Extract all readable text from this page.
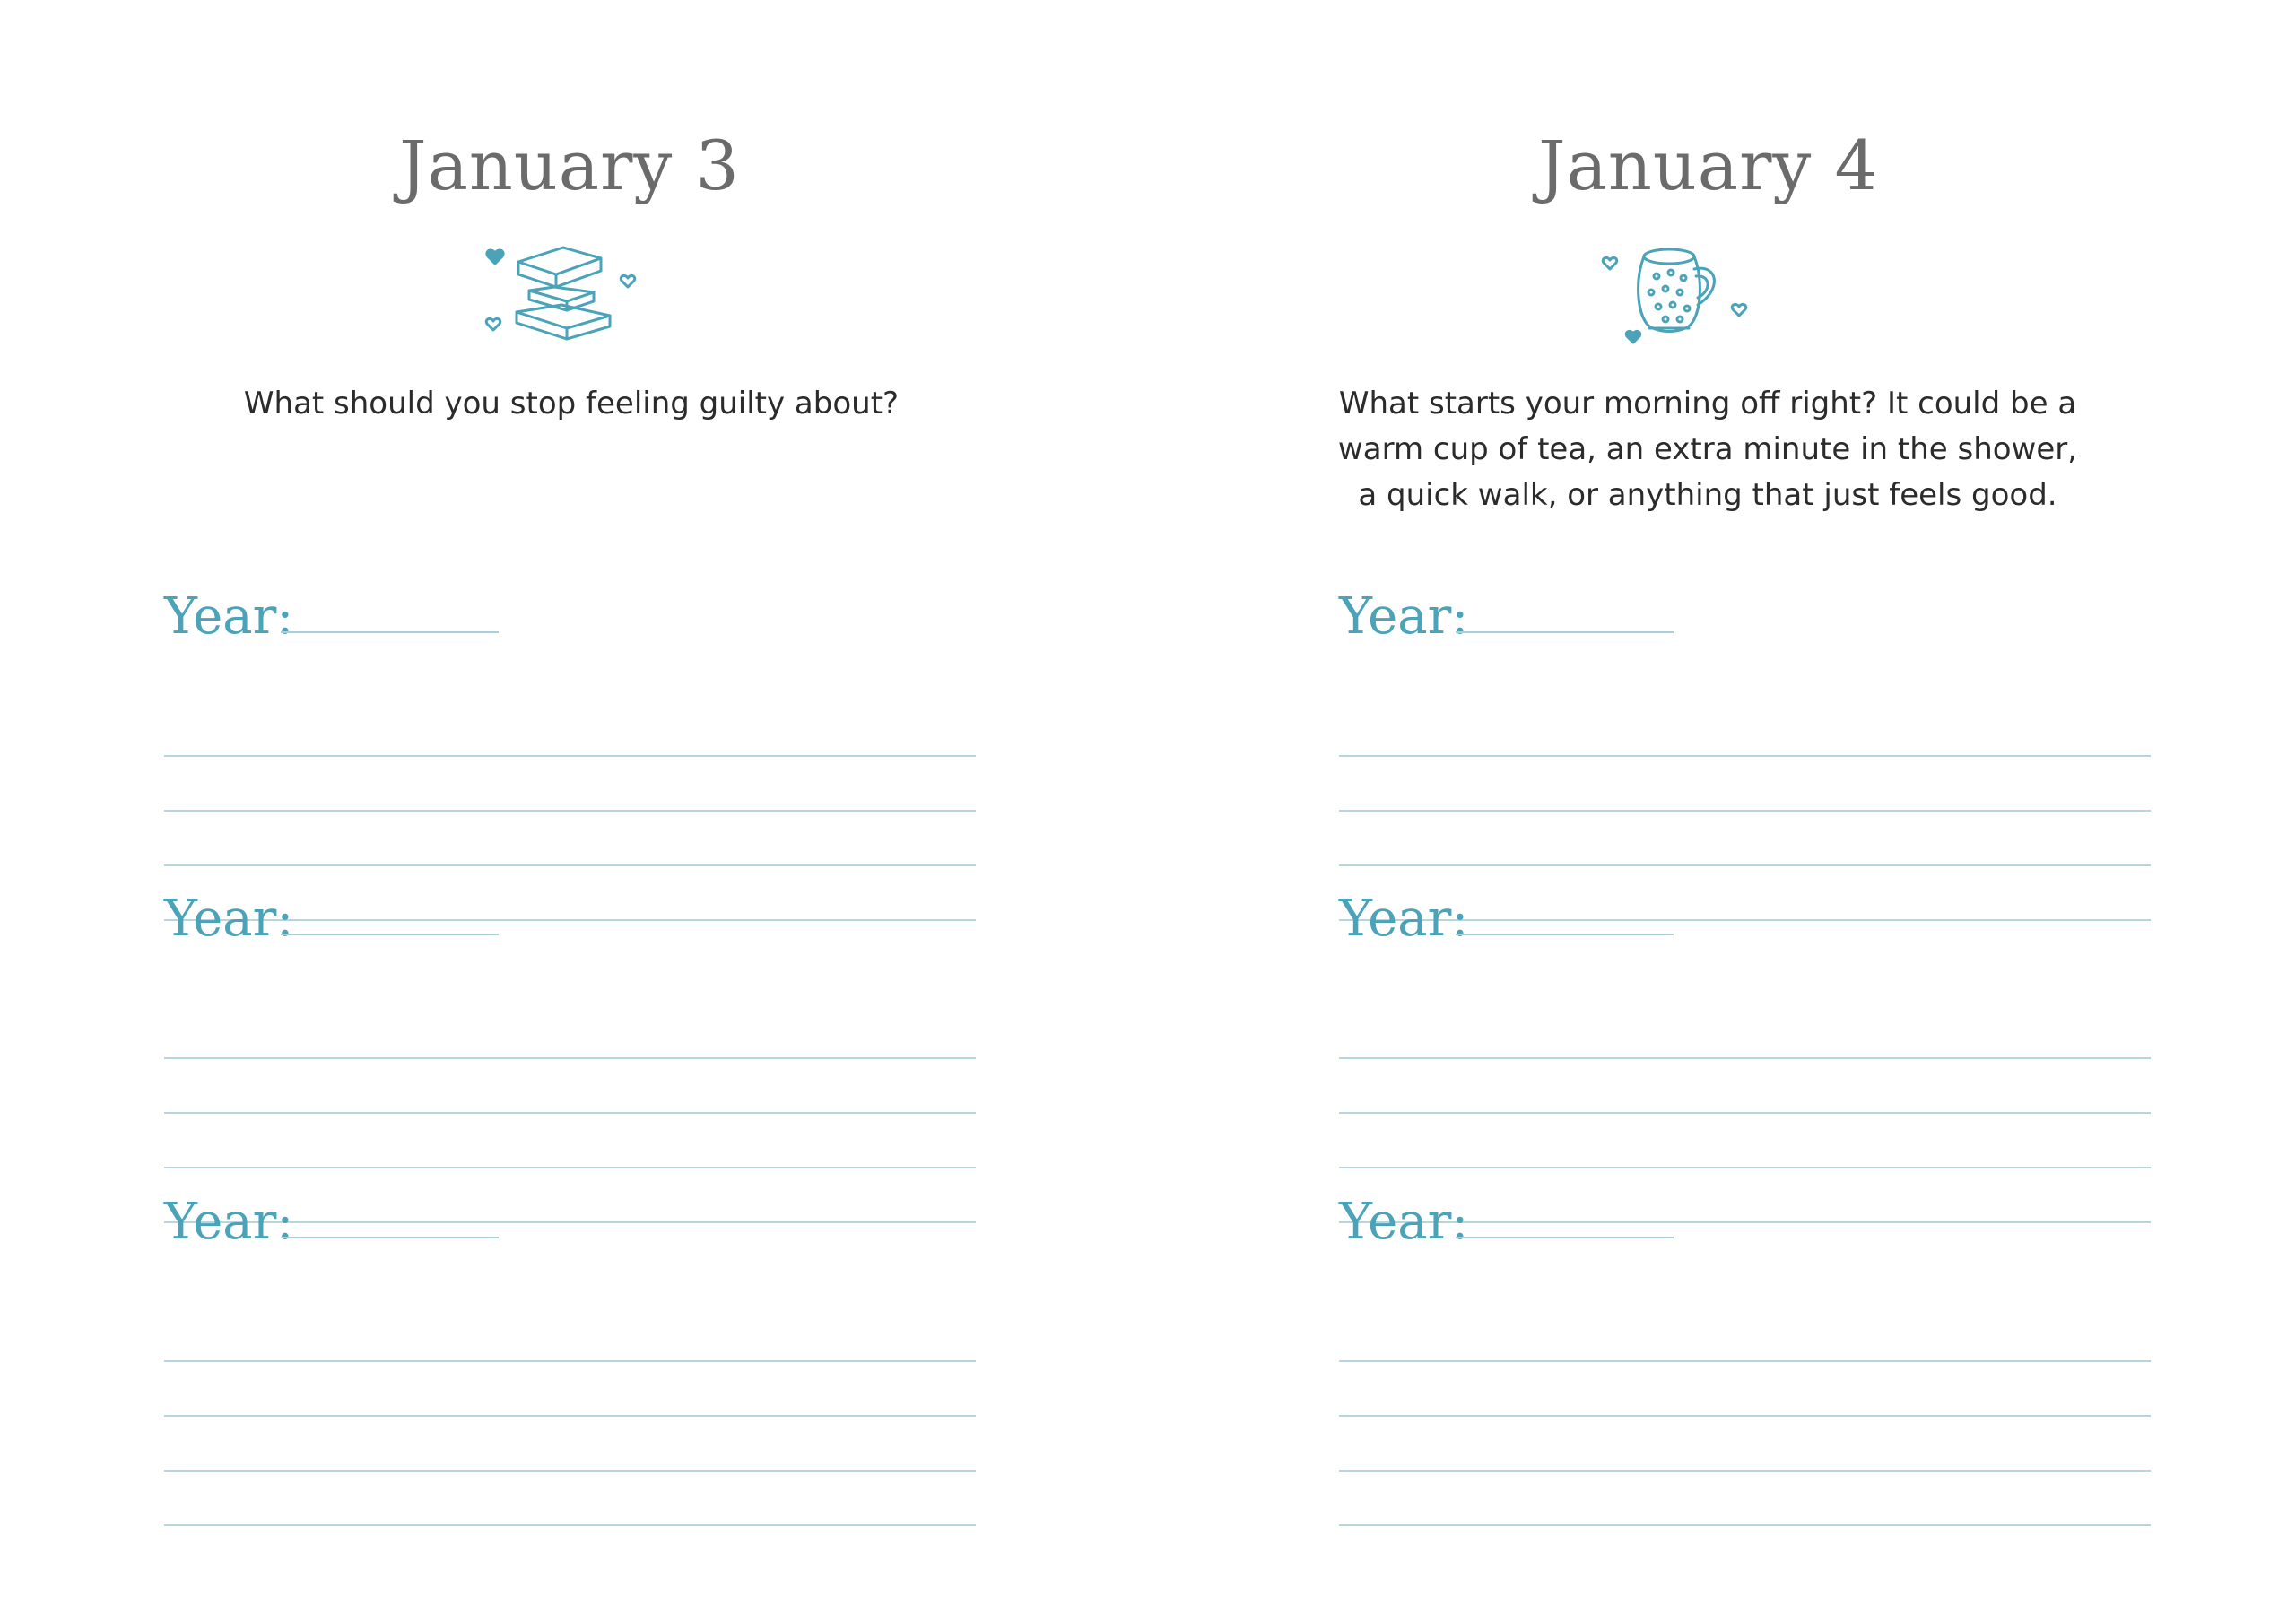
January 3
What should you stop feeling guilty about?
Year:
Year:
Year:
January 4
What starts your morning off right? It could be a
warm cup of tea, an extra minute in the shower,
a quick walk, or anything that just feels good.
Year:
Year:
Year:
